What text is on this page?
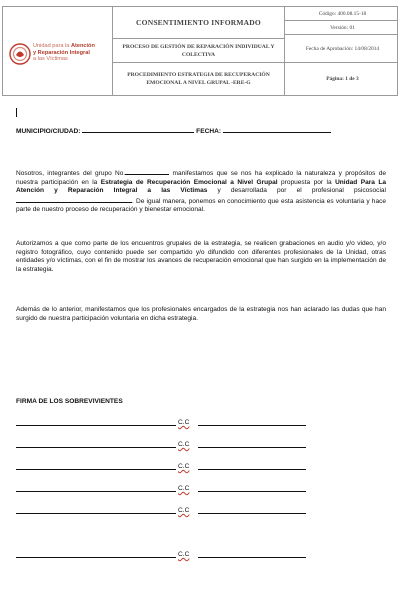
Unidad para la Atención
y Reparación Integral
a las Víctimas
CONSENTIMIENTO INFORMADO
PROCESO DE GESTIÓN DE REPARACIÓN INDIVIDUAL Y COLECTIVA
PROCEDIMIENTO ESTRATEGIA DE RECUPERACIÓN EMOCIONAL A NIVEL GRUPAL -ERE-G
Código: 400.08.15-18
Versión: 01
Fecha de Aprobación: 14/08/2014
Página: 1 de 3
MUNICIPIO/CIUDAD:	FECHA:
Nosotros, integrantes del grupo No.	manifestamos que se nos ha explicado la naturaleza y propósitos de nuestra participación en la Estrategia de Recuperación Emocional a Nivel Grupal propuesta por la Unidad Para La Atención y Reparación Integral a las Víctimas y desarrollada por el profesional psicosocial . De igual manera, ponemos en conocimiento que esta asistencia es voluntaria y hace parte de nuestro proceso de recuperación y bienestar emocional.
Autorizamos a que como parte de los encuentros grupales de la estrategia, se realicen grabaciones en audio y/o video, y/o registro fotográfico, cuyo contenido puede ser compartido y/o difundido con diferentes profesionales de la Unidad, otras entidades y/o víctimas, con el fin de mostrar los avances de recuperación emocional que han surgido en la implementación de la estrategia.
Además de lo anterior, manifestamos que los profesionales encargados de la estrategia nos han aclarado las dudas que han surgido de nuestra participación voluntaria en dicha estrategia.
FIRMA DE LOS SOBREVIVIENTES
C.C
C.C
C.C
C.C
C.C
C.C
